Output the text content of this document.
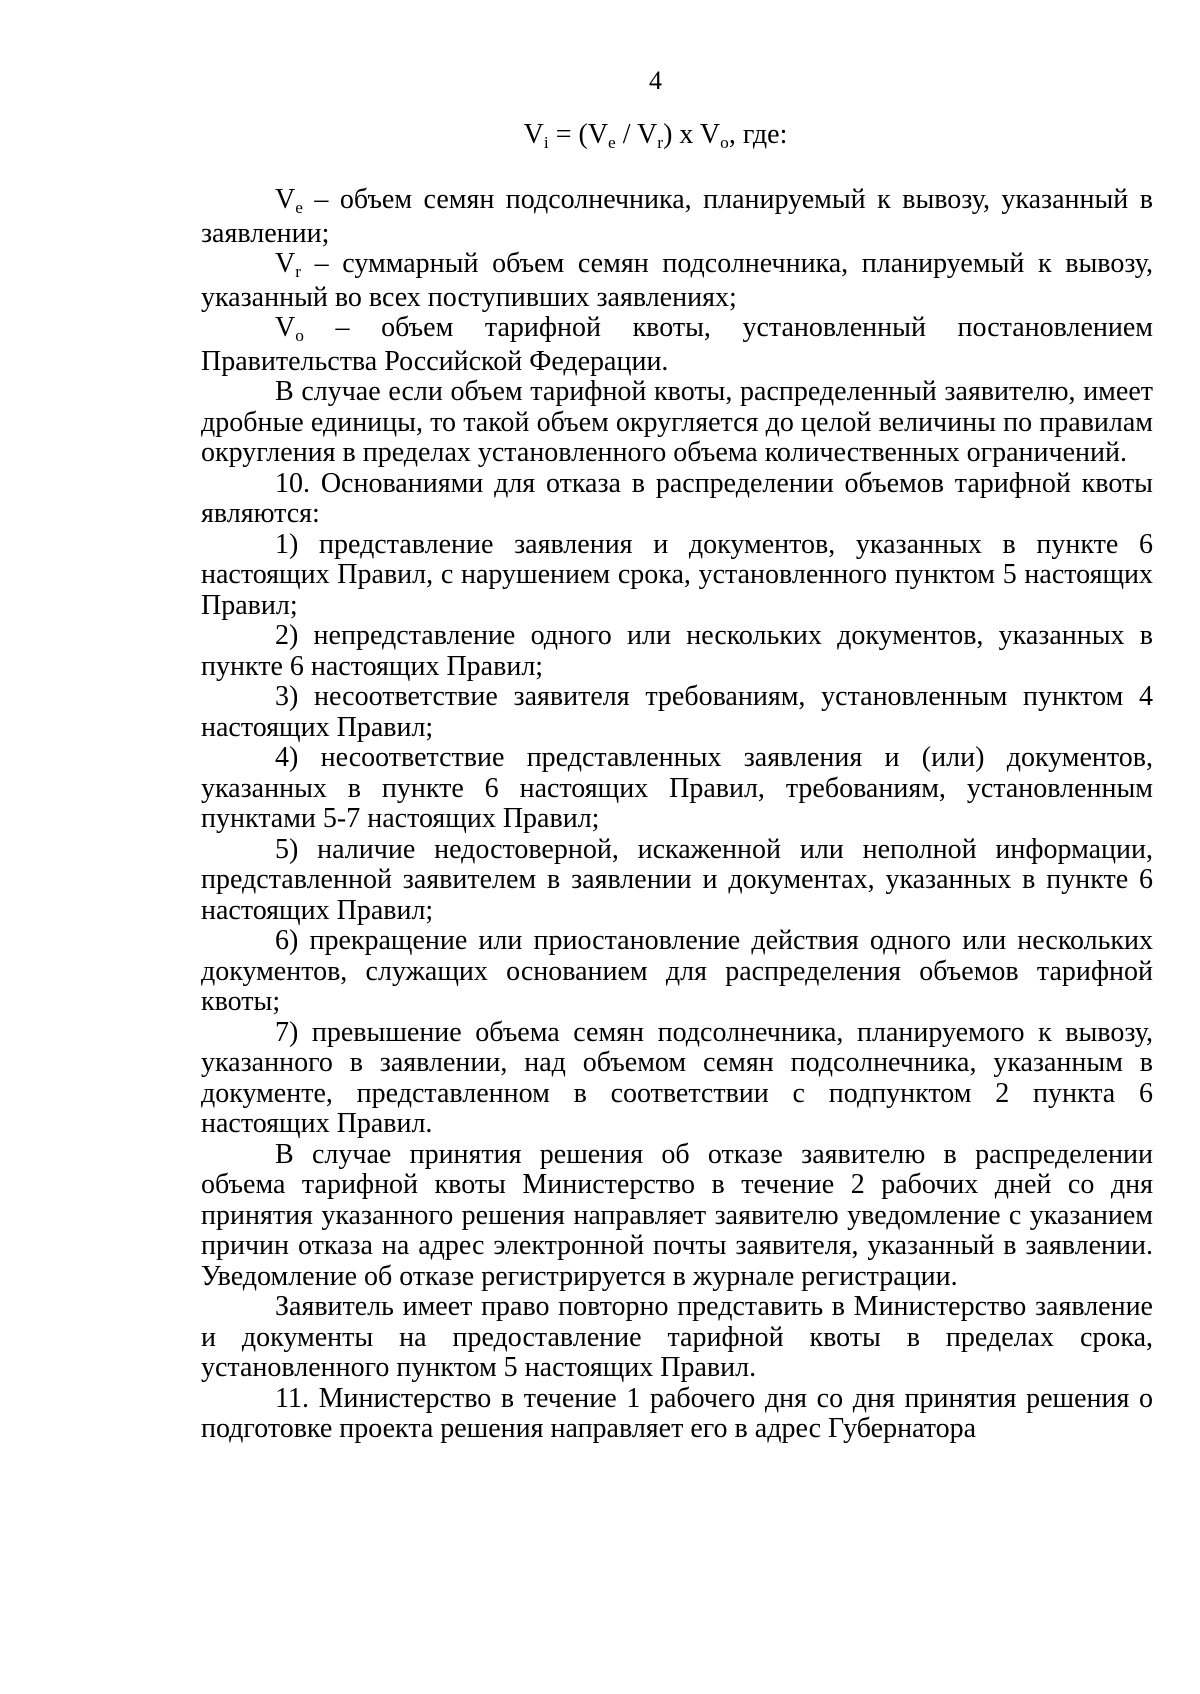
4
$V_i = (V_e / V_r)$ x $V_o$, где:

$V_e$ – объем семян подсолнечника, планируемый к вывозу, указанный в заявлении;

$V_r$ – суммарный объем семян подсолнечника, планируемый к вывозу, указанный во всех поступивших заявлениях;

$V_o$ – объем тарифной квоты, установленный постановлением Правительства Российской Федерации.

В случае если объем тарифной квоты, распределенный заявителю, имеет дробные единицы, то такой объем округляется до целой величины по правилам округления в пределах установленного объема количественных ограничений.

10. Основаниями для отказа в распределении объемов тарифной квоты являются:

1) представление заявления и документов, указанных в пункте 6 настоящих Правил, с нарушением срока, установленного пунктом 5 настоящих Правил;

2) непредставление одного или нескольких документов, указанных в пункте 6 настоящих Правил;

3) несоответствие заявителя требованиям, установленным пунктом 4 настоящих Правил;

4) несоответствие представленных заявления и (или) документов, указанных в пункте 6 настоящих Правил, требованиям, установленным пунктами 5-7 настоящих Правил;

5) наличие недостоверной, искаженной или неполной информации, представленной заявителем в заявлении и документах, указанных в пункте 6 настоящих Правил;

6) прекращение или приостановление действия одного или нескольких документов, служащих основанием для распределения объемов тарифной квоты;

7) превышение объема семян подсолнечника, планируемого к вывозу, указанного в заявлении, над объемом семян подсолнечника, указанным в документе, представленном в соответствии с подпунктом 2 пункта 6 настоящих Правил.

В случае принятия решения об отказе заявителю в распределении объема тарифной квоты Министерство в течение 2 рабочих дней со дня принятия указанного решения направляет заявителю уведомление с указанием причин отказа на адрес электронной почты заявителя, указанный в заявлении. Уведомление об отказе регистрируется в журнале регистрации.

Заявитель имеет право повторно представить в Министерство заявление и документы на предоставление тарифной квоты в пределах срока, установленного пунктом 5 настоящих Правил.

11. Министерство в течение 1 рабочего дня со дня принятия решения о подготовке проекта решения направляет его в адрес Губернатора
